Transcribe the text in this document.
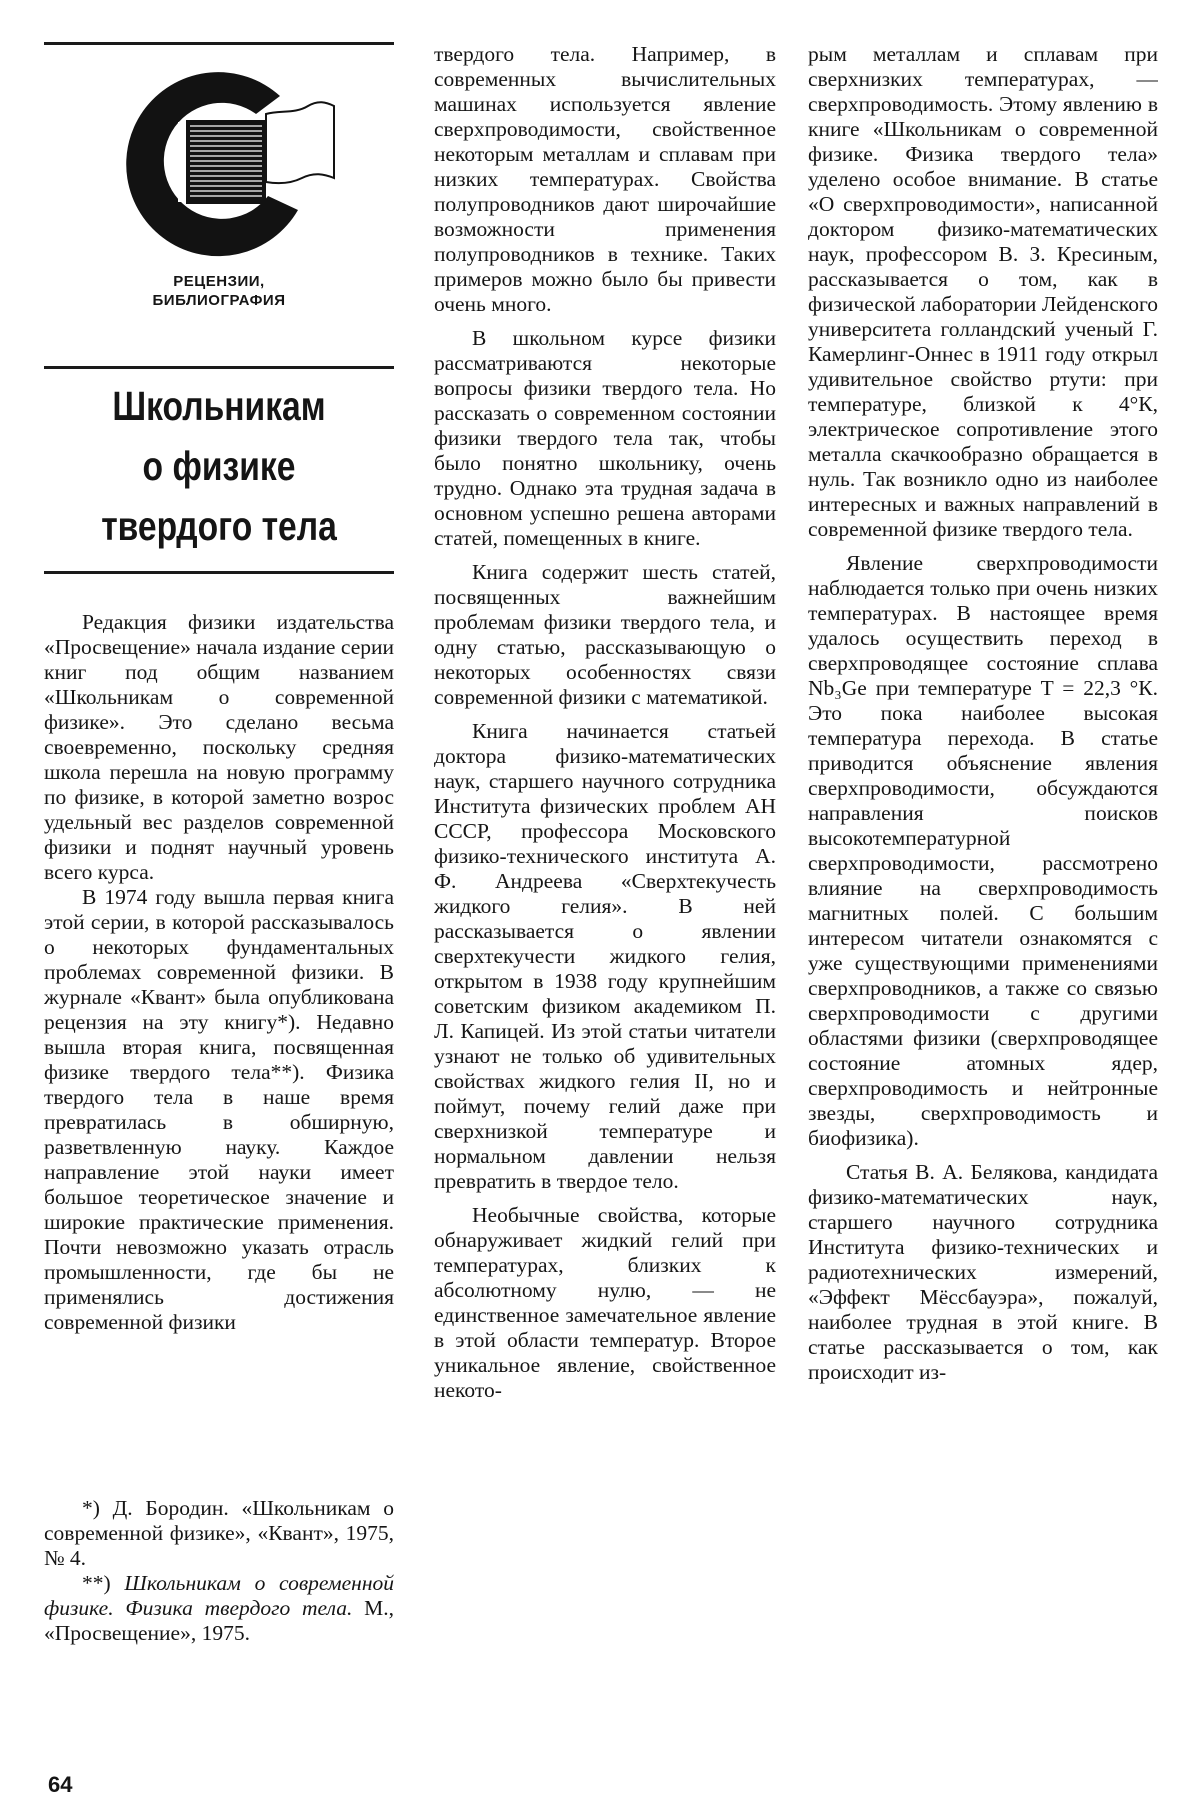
РЕЦЕНЗИИ,
БИБЛИОГРАФИЯ
Школьникам
о физике
твердого тела

Редакция физики издательства «Просвещение» начала издание серии книг под общим названием «Школьникам о современной физике». Это сделано весьма своевременно, поскольку средняя школа перешла на новую программу по физике, в которой заметно возрос удельный вес разделов современной физики и поднят научный уровень всего курса.

В 1974 году вышла первая книга этой серии, в которой рассказывалось о некоторых фундаментальных проблемах современной физики. В журнале «Квант» была опубликована рецензия на эту книгу*). Недавно вышла вторая книга, посвященная физике твердого тела**). Физика твердого тела в наше время превратилась в обширную, разветвленную науку. Каждое направление этой науки имеет большое теоретическое значение и широкие практические применения. Почти невозможно указать отрасль промышленности, где бы не применялись достижения современной физики

*) Д. Бородин. «Школьникам о современной физике», «Квант», 1975, № 4.

**) Школьникам о современной физике. Физика твердого тела. М., «Просвещение», 1975.

твердого тела. Например, в современных вычислительных машинах используется явление сверхпроводимости, свойственное некоторым металлам и сплавам при низких температурах. Свойства полупроводников дают широчайшие возможности применения полупроводников в технике. Таких примеров можно было бы привести очень много.

В школьном курсе физики рассматриваются некоторые вопросы физики твердого тела. Но рассказать о современном состоянии физики твердого тела так, чтобы было понятно школьнику, очень трудно. Однако эта трудная задача в основном успешно решена авторами статей, помещенных в книге.

Книга содержит шесть статей, посвященных важнейшим проблемам физики твердого тела, и одну статью, рассказывающую о некоторых особенностях связи современной физики с математикой.

Книга начинается статьей доктора физико-математических наук, старшего научного сотрудника Института физических проблем АН СССР, профессора Московского физико-технического института А. Ф. Андреева «Сверхтекучесть жидкого гелия». В ней рассказывается о явлении сверхтекучести жидкого гелия, открытом в 1938 году крупнейшим советским физиком академиком П. Л. Капицей. Из этой статьи читатели узнают не только об удивительных свойствах жидкого гелия II, но и поймут, почему гелий даже при сверхнизкой температуре и нормальном давлении нельзя превратить в твердое тело.

Необычные свойства, которые обнаруживает жидкий гелий при температурах, близких к абсолютному нулю, — не единственное замечательное явление в этой области температур. Второе уникальное явление, свойственное некото-

рым металлам и сплавам при сверхнизких температурах, — сверхпроводимость. Этому явлению в книге «Школьникам о современной физике. Физика твердого тела» уделено особое внимание. В статье «О сверхпроводимости», написанной доктором физико-математических наук, профессором В. З. Кресиным, рассказывается о том, как в физической лаборатории Лейденского университета голландский ученый Г. Камерлинг-Оннес в 1911 году открыл удивительное свойство ртути: при температуре, близкой к 4°К, электрическое сопротивление этого металла скачкообразно обращается в нуль. Так возникло одно из наиболее интересных и важных направлений в современной физике твердого тела.

Явление сверхпроводимости наблюдается только при очень низких температурах. В настоящее время удалось осуществить переход в сверхпроводящее состояние сплава Nb₃Ge при температуре T = 22,3 °К. Это пока наиболее высокая температура перехода. В статье приводится объяснение явления сверхпроводимости, обсуждаются направления поисков высокотемпературной сверхпроводимости, рассмотрено влияние на сверхпроводимость магнитных полей. С большим интересом читатели ознакомятся с уже существующими применениями сверхпроводников, а также со связью сверхпроводимости с другими областями физики (сверхпроводящее состояние атомных ядер, сверхпроводимость и нейтронные звезды, сверхпроводимость и биофизика).

Статья В. А. Белякова, кандидата физико-математических наук, старшего научного сотрудника Института физико-технических и радиотехнических измерений, «Эффект Мёссбауэра», пожалуй, наиболее трудная в этой книге. В статье рассказывается о том, как происходит из-

64
